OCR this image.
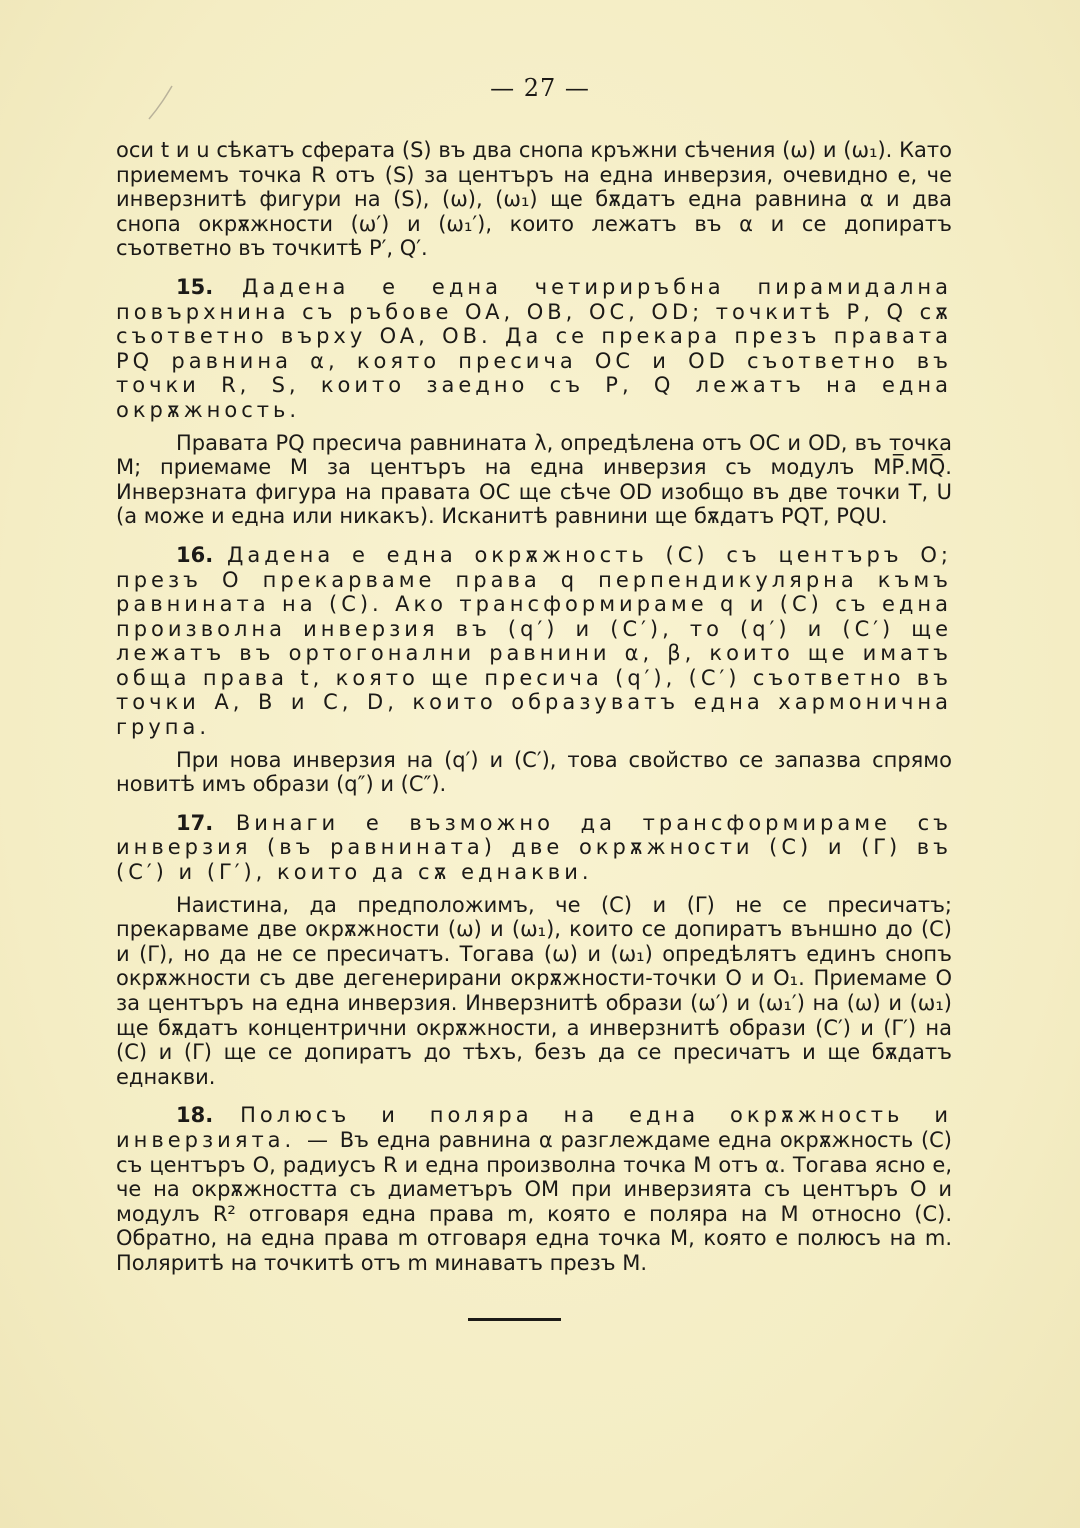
— 27 —

оси t и u сѣкатъ сферата (S) въ два снопа кръжни сѣчения (ω) и (ω₁). Като приемемъ точка R отъ (S) за центъръ на една инверзия, очевидно е, че инверзнитѣ фигури на (S), (ω), (ω₁) ще бѫдатъ една равнина α и два снопа окрѫжности (ω′) и (ω₁′), които лежатъ въ α и се допиратъ съответно въ точкитѣ P′, Q′.

15. Дадена е една четириръбна пирамидална повърхнина съ ръбове OA, OB, OC, OD; точкитѣ P, Q сѫ съответно върху OA, OB. Да се прекара презъ правата PQ равнина α, която пресича OC и OD съответно въ точки R, S, които заедно съ P, Q лежатъ на една окрѫжность.

Правата PQ пресича равнината λ, опредѣлена отъ OC и OD, въ точка M; приемаме M за центъръ на една инверзия съ модулъ MP̅.MQ̅. Инверзната фигура на правата OC ще сѣче OD изобщо въ две точки T, U (а може и една или никакъ). Исканитѣ равнини ще бѫдатъ PQT, PQU.

16. Дадена е една окрѫжность (C) съ центъръ O; презъ O прекарваме права q перпендикулярна къмъ равнината на (C). Ако трансформираме q и (C) съ една произволна инверзия въ (q′) и (C′), то (q′) и (C′) ще лежатъ въ ортогонални равнини α, β, които ще иматъ обща права t, която ще пресича (q′), (C′) съответно въ точки A, B и C, D, които образуватъ една хармонична група.

При нова инверзия на (q′) и (C′), това свойство се запазва спрямо новитѣ имъ образи (q″) и (C″).

17. Винаги е възможно да трансформираме съ инверзия (въ равнината) две окрѫжности (C) и (Γ) въ (C′) и (Γ′), които да сѫ еднакви.

Наистина, да предположимъ, че (C) и (Γ) не се пресичатъ; прекарваме две окрѫжности (ω) и (ω₁), които се допиратъ външно до (C) и (Γ), но да не се пресичатъ. Тогава (ω) и (ω₁) опредѣлятъ единъ снопъ окрѫжности съ две дегенерирани окрѫжности-точки O и O₁. Приемаме O за центъръ на една инверзия. Инверзнитѣ образи (ω′) и (ω₁′) на (ω) и (ω₁) ще бѫдатъ концентрични окрѫжности, а инверзнитѣ образи (C′) и (Γ′) на (C) и (Γ) ще се допиратъ до тѣхъ, безъ да се пресичатъ и ще бѫдатъ еднакви.

18. Полюсъ и поляра на една окрѫжность и инверзията. — Въ една равнина α разглеждаме една окрѫжность (C) съ центъръ O, радиусъ R и една произволна точка M отъ α. Тогава ясно е, че на окрѫжността съ диаметъръ OM при инверзията съ центъръ O и модулъ R² отговаря една права m, която е поляра на M относно (C). Обратно, на една права m отговаря една точка M, която е полюсъ на m. Поляритѣ на точкитѣ отъ m минаватъ презъ M.
